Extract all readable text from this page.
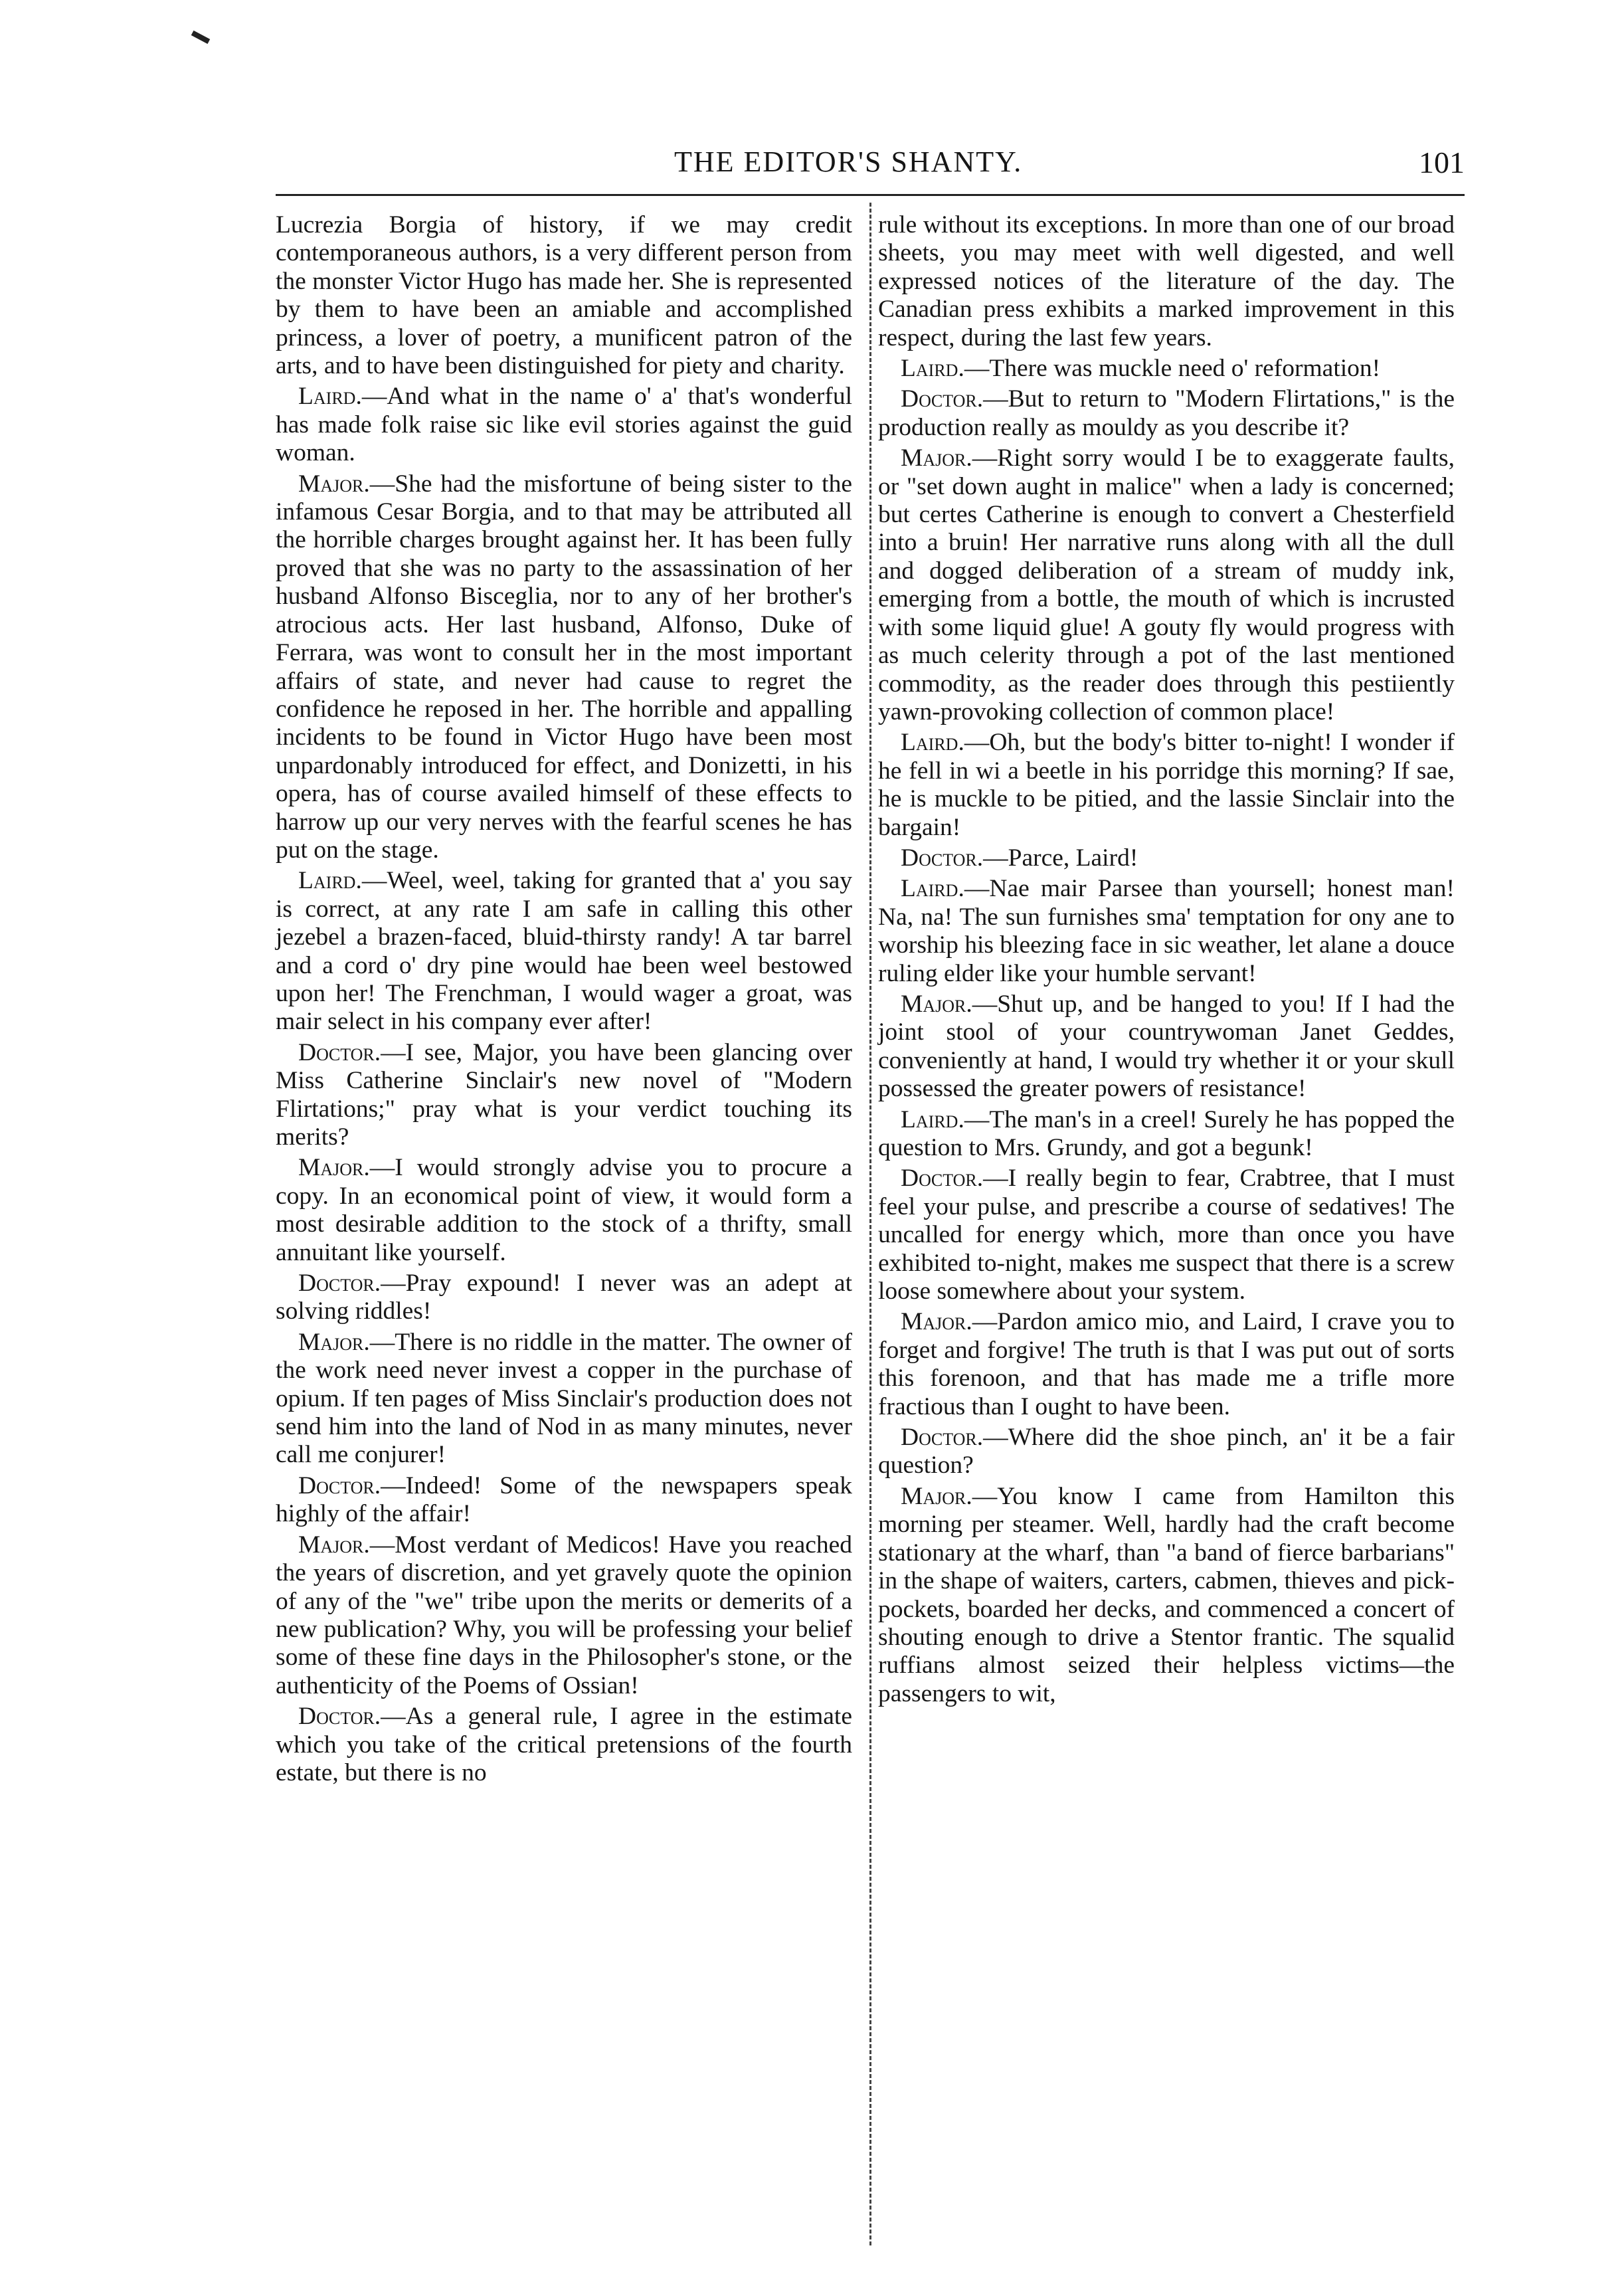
THE EDITOR'S SHANTY.	101

Lucrezia Borgia of history, if we may credit contemporaneous authors, is a very different person from the monster Victor Hugo has made her. She is represented by them to have been an amiable and accomplished princess, a lover of poetry, a munificent patron of the arts, and to have been distinguished for piety and charity.

Laird.—And what in the name o' a' that's wonderful has made folk raise sic like evil stories against the guid woman.

Major.—She had the misfortune of being sister to the infamous Cesar Borgia, and to that may be attributed all the horrible charges brought against her. It has been fully proved that she was no party to the assassination of her husband Alfonso Bisceglia, nor to any of her brother's atrocious acts. Her last husband, Alfonso, Duke of Ferrara, was wont to consult her in the most important affairs of state, and never had cause to regret the confidence he reposed in her. The horrible and appalling incidents to be found in Victor Hugo have been most unpardonably introduced for effect, and Donizetti, in his opera, has of course availed himself of these effects to harrow up our very nerves with the fearful scenes he has put on the stage.

Laird.—Weel, weel, taking for granted that a' you say is correct, at any rate I am safe in calling this other jezebel a brazen-faced, bluid-thirsty randy! A tar barrel and a cord o' dry pine would hae been weel bestowed upon her! The Frenchman, I would wager a groat, was mair select in his company ever after!

Doctor.—I see, Major, you have been glancing over Miss Catherine Sinclair's new novel of "Modern Flirtations;" pray what is your verdict touching its merits?

Major.—I would strongly advise you to procure a copy. In an economical point of view, it would form a most desirable addition to the stock of a thrifty, small annuitant like yourself.

Doctor.—Pray expound! I never was an adept at solving riddles!

Major.—There is no riddle in the matter. The owner of the work need never invest a copper in the purchase of opium. If ten pages of Miss Sinclair's production does not send him into the land of Nod in as many minutes, never call me conjurer!

Doctor.—Indeed! Some of the newspapers speak highly of the affair!

Major.—Most verdant of Medicos! Have you reached the years of discretion, and yet gravely quote the opinion of any of the "we" tribe upon the merits or demerits of a new publication? Why, you will be professing your belief some of these fine days in the Philosopher's stone, or the authenticity of the Poems of Ossian!

Doctor.—As a general rule, I agree in the estimate which you take of the critical pretensions of the fourth estate, but there is no

rule without its exceptions. In more than one of our broad sheets, you may meet with well digested, and well expressed notices of the literature of the day. The Canadian press exhibits a marked improvement in this respect, during the last few years.

Laird.—There was muckle need o' reformation!

Doctor.—But to return to "Modern Flirtations," is the production really as mouldy as you describe it?

Major.—Right sorry would I be to exaggerate faults, or "set down aught in malice" when a lady is concerned; but certes Catherine is enough to convert a Chesterfield into a bruin! Her narrative runs along with all the dull and dogged deliberation of a stream of muddy ink, emerging from a bottle, the mouth of which is incrusted with some liquid glue! A gouty fly would progress with as much celerity through a pot of the last mentioned commodity, as the reader does through this pestiiently yawn-provoking collection of common place!

Laird.—Oh, but the body's bitter to-night! I wonder if he fell in wi a beetle in his porridge this morning? If sae, he is muckle to be pitied, and the lassie Sinclair into the bargain!

Doctor.—Parce, Laird!

Laird.—Nae mair Parsee than yoursell; honest man! Na, na! The sun furnishes sma' temptation for ony ane to worship his bleezing face in sic weather, let alane a douce ruling elder like your humble servant!

Major.—Shut up, and be hanged to you! If I had the joint stool of your countrywoman Janet Geddes, conveniently at hand, I would try whether it or your skull possessed the greater powers of resistance!

Laird.—The man's in a creel! Surely he has popped the question to Mrs. Grundy, and got a begunk!

Doctor.—I really begin to fear, Crabtree, that I must feel your pulse, and prescribe a course of sedatives! The uncalled for energy which, more than once you have exhibited to-night, makes me suspect that there is a screw loose somewhere about your system.

Major.—Pardon amico mio, and Laird, I crave you to forget and forgive! The truth is that I was put out of sorts this forenoon, and that has made me a trifle more fractious than I ought to have been.

Doctor.—Where did the shoe pinch, an' it be a fair question?

Major.—You know I came from Hamilton this morning per steamer. Well, hardly had the craft become stationary at the wharf, than "a band of fierce barbarians" in the shape of waiters, carters, cabmen, thieves and pick-pockets, boarded her decks, and commenced a concert of shouting enough to drive a Stentor frantic. The squalid ruffians almost seized their helpless victims—the passengers to wit,
